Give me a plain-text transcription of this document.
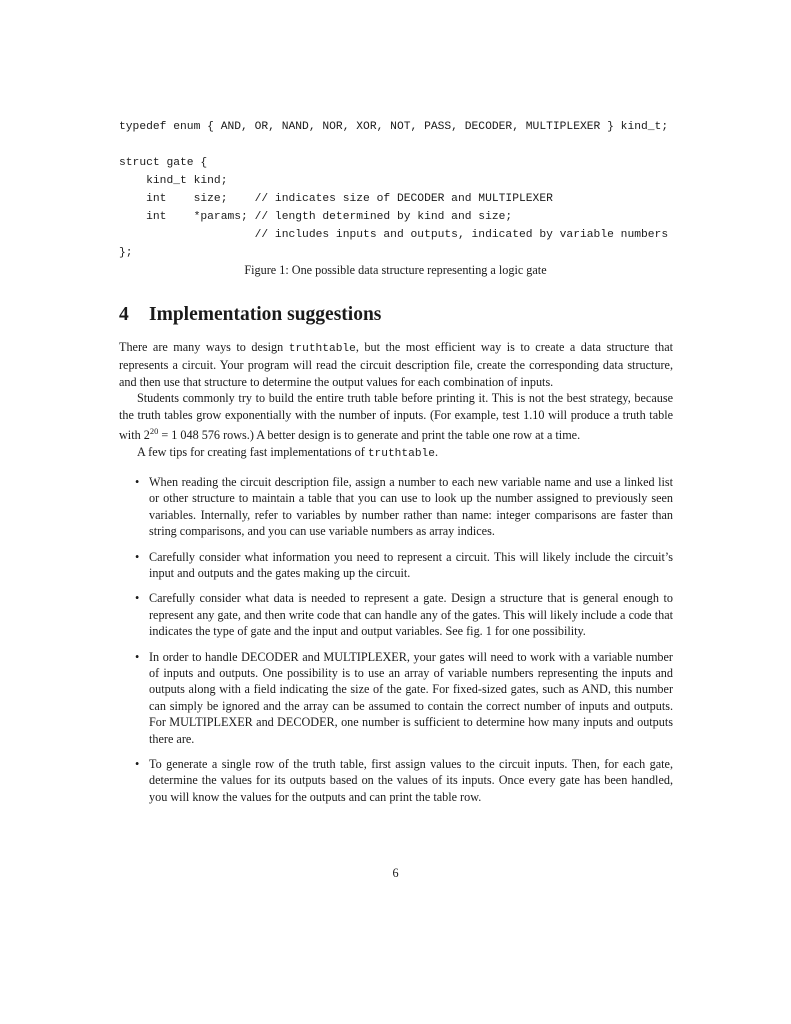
typedef enum { AND, OR, NAND, NOR, XOR, NOT, PASS, DECODER, MULTIPLEXER } kind_t;

struct gate {
kind_t kind;
int    size;    // indicates size of DECODER and MULTIPLEXER
int    *params; // length determined by kind and size;
// includes inputs and outputs, indicated by variable numbers
};
Figure 1: One possible data structure representing a logic gate
4 Implementation suggestions

There are many ways to design truthtable, but the most efficient way is to create a data structure that represents a circuit. Your program will read the circuit description file, create the corresponding data structure, and then use that structure to determine the output values for each combination of inputs.

Students commonly try to build the entire truth table before printing it. This is not the best strategy, because the truth tables grow exponentially with the number of inputs. (For example, test 1.10 will produce a truth table with $2^{20} = 1$ 048 576 rows.) A better design is to generate and print the table one row at a time.

A few tips for creating fast implementations of truthtable.

• When reading the circuit description file, assign a number to each new variable name and use a linked list or other structure to maintain a table that you can use to look up the number assigned to previously seen variables. Internally, refer to variables by number rather than name: integer comparisons are faster than string comparisons, and you can use variable numbers as array indices.
• Carefully consider what information you need to represent a circuit. This will likely include the circuit’s input and outputs and the gates making up the circuit.
• Carefully consider what data is needed to represent a gate. Design a structure that is general enough to represent any gate, and then write code that can handle any of the gates. This will likely include a code that indicates the type of gate and the input and output variables. See fig. 1 for one possibility.
• In order to handle DECODER and MULTIPLEXER, your gates will need to work with a variable number of inputs and outputs. One possibility is to use an array of variable numbers representing the inputs and outputs along with a field indicating the size of the gate. For fixed-sized gates, such as AND, this number can simply be ignored and the array can be assumed to contain the correct number of inputs and outputs. For MULTIPLEXER and DECODER, one number is sufficient to determine how many inputs and outputs there are.
• To generate a single row of the truth table, first assign values to the circuit inputs. Then, for each gate, determine the values for its outputs based on the values of its inputs. Once every gate has been handled, you will know the values for the outputs and can print the table row.
6
